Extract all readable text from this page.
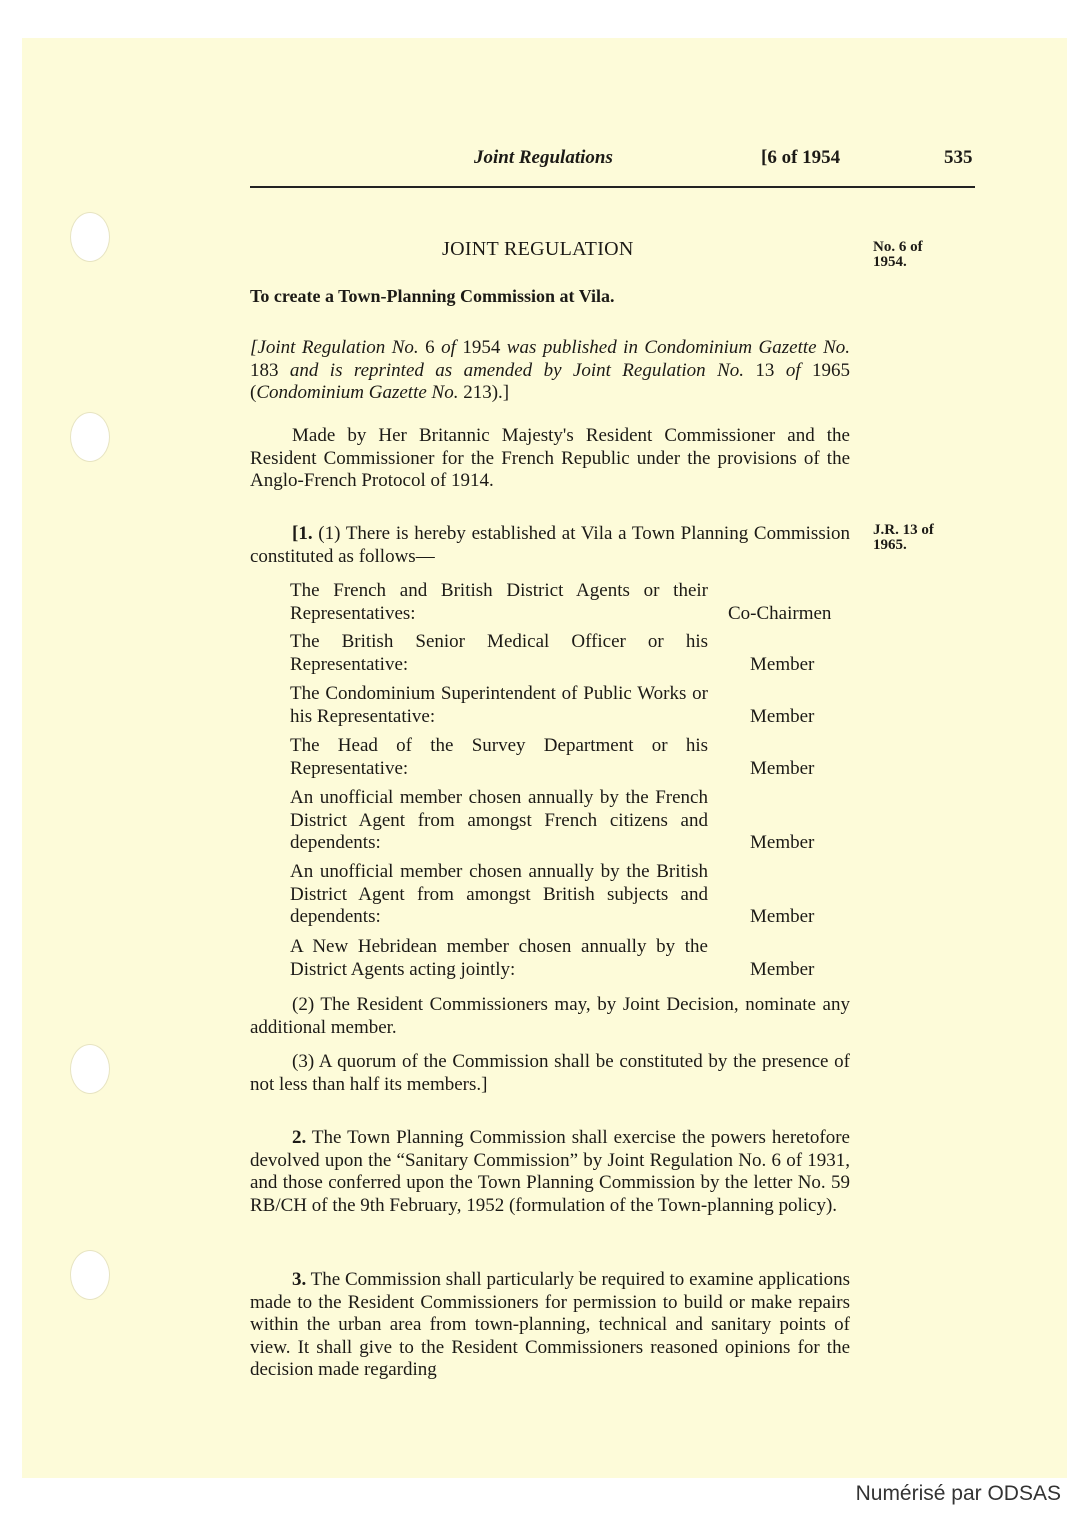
Joint Regulations	[6 of 1954	535
JOINT REGULATION	No. 6 of 1954.
To create a Town-Planning Commission at Vila.
[Joint Regulation No. 6 of 1954 was published in Condominium Gazette No. 183 and is reprinted as amended by Joint Regulation No. 13 of 1965 (Condominium Gazette No. 213).]
Made by Her Britannic Majesty's Resident Commissioner and the Resident Commissioner for the French Republic under the provisions of the Anglo-French Protocol of 1914.
J.R. 13 of 1965.
[1. (1) There is hereby established at Vila a Town Planning Commission constituted as follows—
The French and British District Agents or their Representatives:	Co-Chairmen
The British Senior Medical Officer or his Representative:	Member
The Condominium Superintendent of Public Works or his Representative:	Member
The Head of the Survey Department or his Representative:	Member
An unofficial member chosen annually by the French District Agent from amongst French citizens and dependents:	Member
An unofficial member chosen annually by the British District Agent from amongst British subjects and dependents:	Member
A New Hebridean member chosen annually by the District Agents acting jointly:	Member
(2) The Resident Commissioners may, by Joint Decision, nominate any additional member.
(3) A quorum of the Commission shall be constituted by the presence of not less than half its members.]
2. The Town Planning Commission shall exercise the powers heretofore devolved upon the “Sanitary Commission” by Joint Regulation No. 6 of 1931, and those conferred upon the Town Planning Commission by the letter No. 59 RB/CH of the 9th February, 1952 (formulation of the Town-planning policy).
3. The Commission shall particularly be required to examine applications made to the Resident Commissioners for permission to build or make repairs within the urban area from town-planning, technical and sanitary points of view. It shall give to the Resident Commissioners reasoned opinions for the decision made regarding
Numérisé par ODSAS
